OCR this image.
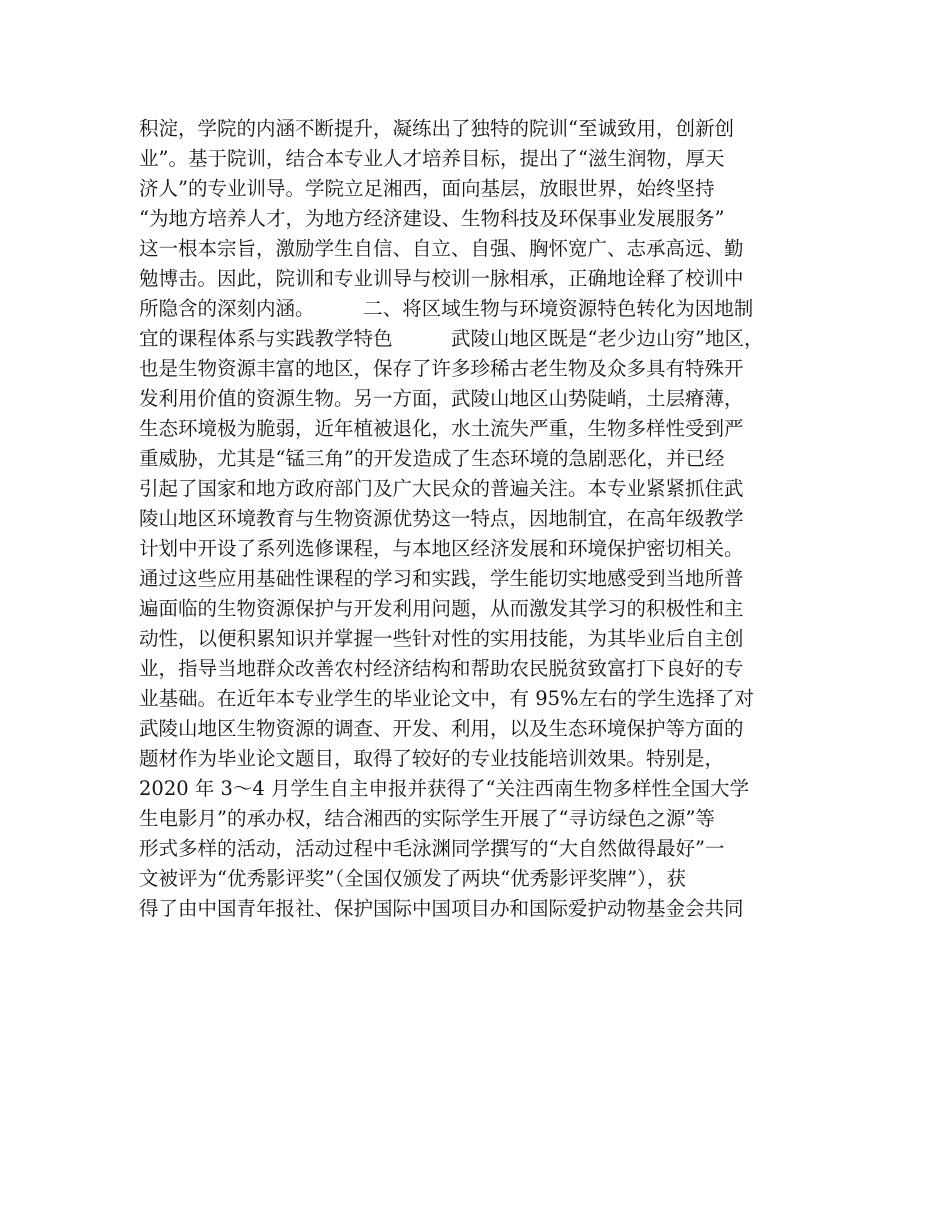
积淀，学院的内涵不断提升，凝练出了独特的院训“至诚致用，创新创
业”。基于院训，结合本专业人才培养目标，提出了“滋生润物，厚天
济人”的专业训导。学院立足湘西，面向基层，放眼世界，始终坚持
“为地方培养人才，为地方经济建设、生物科技及环保事业发展服务”
这一根本宗旨，激励学生自信、自立、自强、胸怀宽广、志承高远、勤
勉博击。因此，院训和专业训导与校训一脉相承，正确地诠释了校训中
所隐含的深刻内涵。　　　二、将区域生物与环境资源特色转化为因地制
宜的课程体系与实践教学特色　　　武陵山地区既是“老少边山穷”地区，
也是生物资源丰富的地区，保存了许多珍稀古老生物及众多具有特殊开
发利用价值的资源生物。另一方面，武陵山地区山势陡峭，土层瘠薄，
生态环境极为脆弱，近年植被退化，水土流失严重，生物多样性受到严
重威胁，尤其是“锰三角”的开发造成了生态环境的急剧恶化，并已经
引起了国家和地方政府部门及广大民众的普遍关注。本专业紧紧抓住武
陵山地区环境教育与生物资源优势这一特点，因地制宜，在高年级教学
计划中开设了系列选修课程，与本地区经济发展和环境保护密切相关。
通过这些应用基础性课程的学习和实践，学生能切实地感受到当地所普
遍面临的生物资源保护与开发利用问题，从而激发其学习的积极性和主
动性，以便积累知识并掌握一些针对性的实用技能，为其毕业后自主创
业，指导当地群众改善农村经济结构和帮助农民脱贫致富打下良好的专
业基础。在近年本专业学生的毕业论文中，有 95%左右的学生选择了对
武陵山地区生物资源的调查、开发、利用，以及生态环境保护等方面的
题材作为毕业论文题目，取得了较好的专业技能培训效果。特别是，
2020 年 3～4 月学生自主申报并获得了“关注西南生物多样性全国大学
生电影月”的承办权，结合湘西的实际学生开展了“寻访绿色之源”等
形式多样的活动，活动过程中毛泳渊同学撰写的“大自然做得最好”一
文被评为“优秀影评奖”（全国仅颁发了两块“优秀影评奖牌”），获
得了由中国青年报社、保护国际中国项目办和国际爱护动物基金会共同
